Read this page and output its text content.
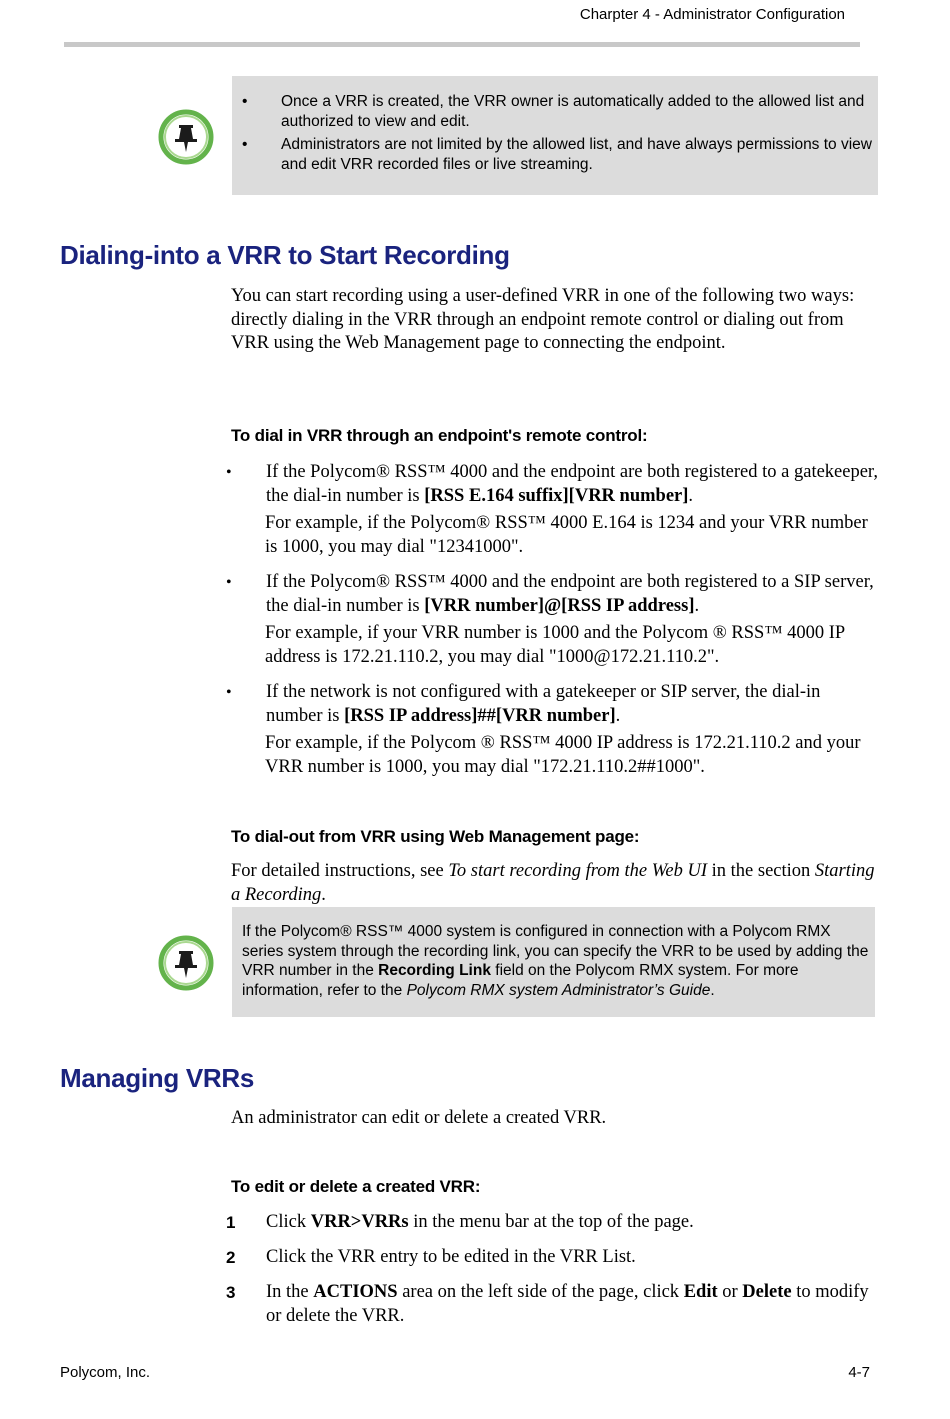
Charpter 4 - Administrator Configuration
• Once a VRR is created, the VRR owner is automatically added to the allowed list and authorized to view and edit.
• Administrators are not limited by the allowed list, and have always permissions to view and edit VRR recorded files or live streaming.
Dialing-into a VRR to Start Recording
You can start recording using a user-defined VRR in one of the following two ways: directly dialing in the VRR through an endpoint remote control or dialing out from VRR using the Web Management page to connecting the endpoint.
To dial in VRR through an endpoint's remote control:
• If the Polycom® RSS™ 4000 and the endpoint are both registered to a gatekeeper, the dial-in number is [RSS E.164 suffix][VRR number].
For example, if the Polycom® RSS™ 4000 E.164 is 1234 and your VRR number is 1000, you may dial "12341000".
• If the Polycom® RSS™ 4000 and the endpoint are both registered to a SIP server, the dial-in number is [VRR number]@[RSS IP address].
For example, if your VRR number is 1000 and the Polycom ® RSS™ 4000 IP address is 172.21.110.2, you may dial "1000@172.21.110.2".
• If the network is not configured with a gatekeeper or SIP server, the dial-in number is [RSS IP address]##[VRR number].
For example, if the Polycom ® RSS™ 4000 IP address is 172.21.110.2 and your VRR number is 1000, you may dial "172.21.110.2##1000".
To dial-out from VRR using Web Management page:
For detailed instructions, see To start recording from the Web UI in the section Starting a Recording.
If the Polycom® RSS™ 4000 system is configured in connection with a Polycom RMX series system through the recording link, you can specify the VRR to be used by adding the VRR number in the Recording Link field on the Polycom RMX system. For more information, refer to the Polycom RMX system Administrator’s Guide.
Managing VRRs
An administrator can edit or delete a created VRR.
To edit or delete a created VRR:
1 Click VRR>VRRs in the menu bar at the top of the page.
2 Click the VRR entry to be edited in the VRR List.
3 In the ACTIONS area on the left side of the page, click Edit or Delete to modify or delete the VRR.
Polycom, Inc.	4-7
